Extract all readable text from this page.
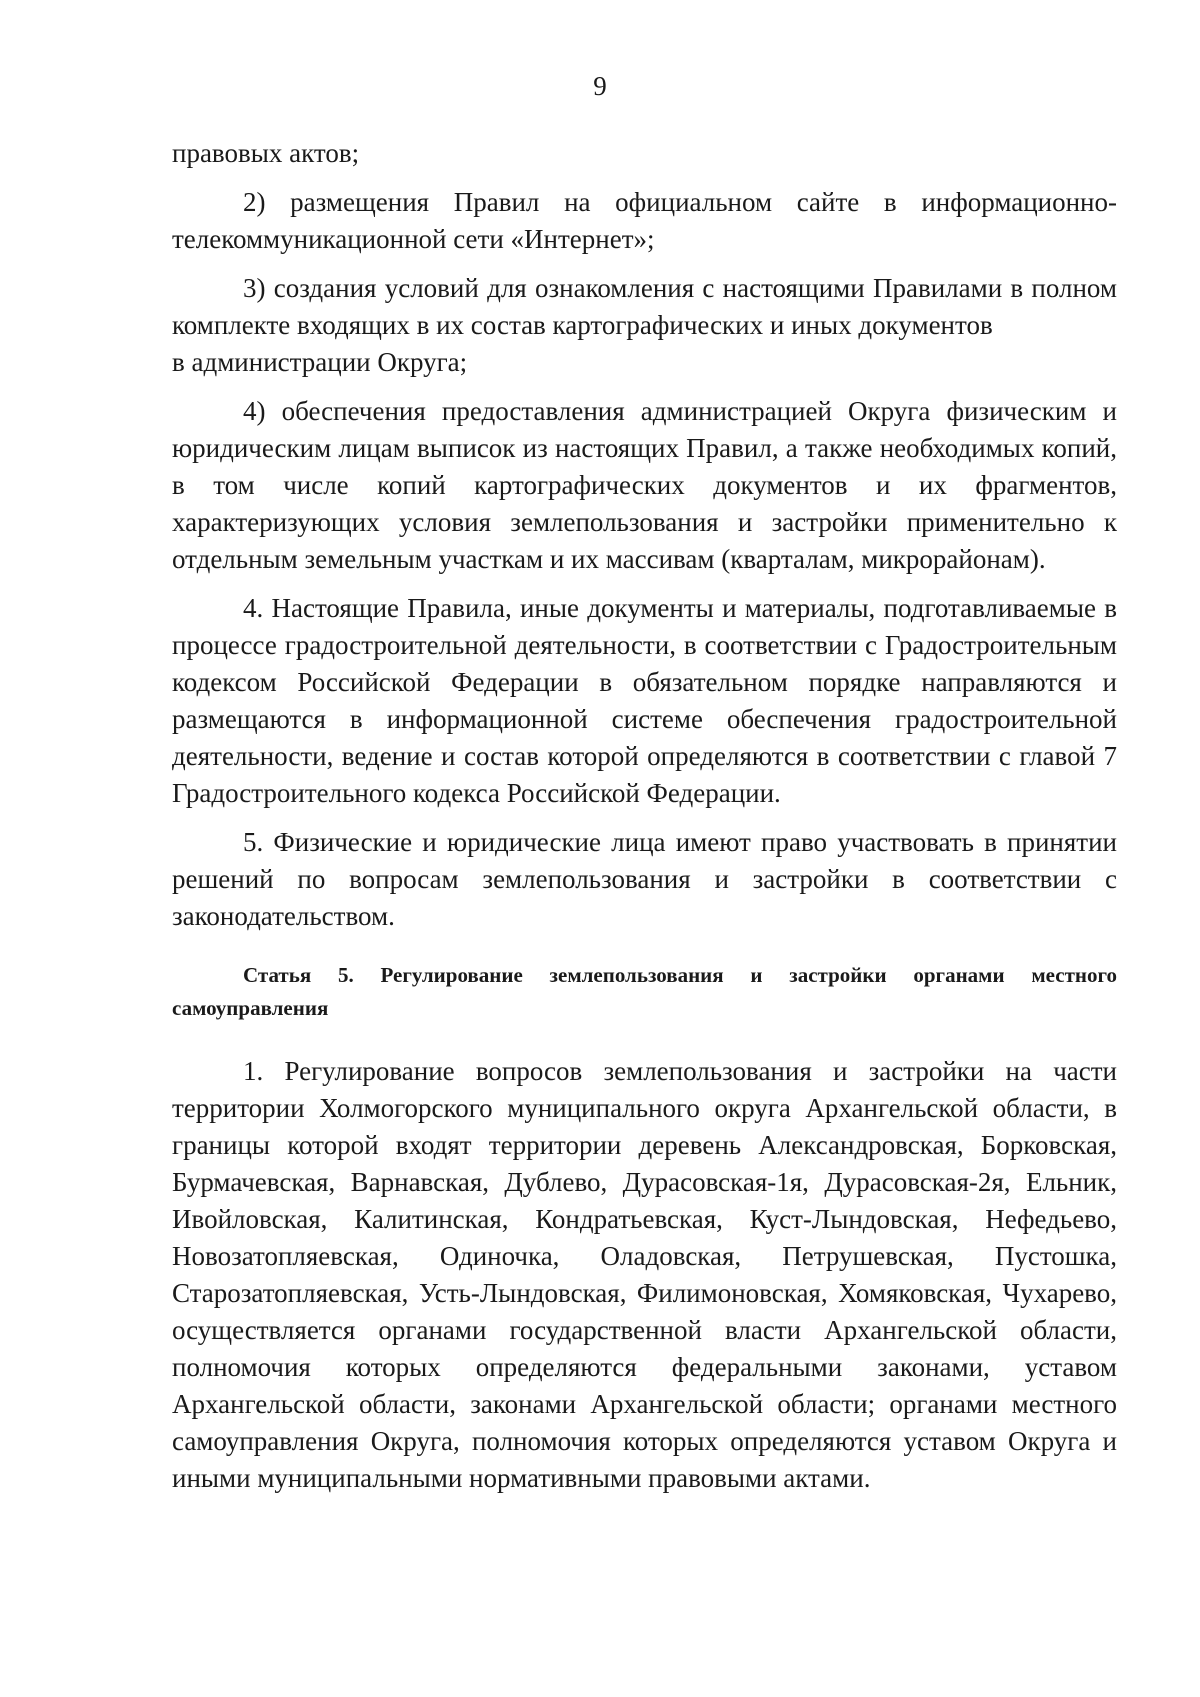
9

правовых актов;

2) размещения Правил на официальном сайте в информационно-телекоммуникационной сети «Интернет»;

3) создания условий для ознакомления с настоящими Правилами в полном комплекте входящих в их состав картографических и иных документов

в администрации Округа;

4) обеспечения предоставления администрацией Округа физическим и юридическим лицам выписок из настоящих Правил, а также необходимых копий, в том числе копий картографических документов и их фрагментов, характеризующих условия землепользования и застройки применительно к отдельным земельным участкам и их массивам (кварталам, микрорайонам).

4. Настоящие Правила, иные документы и материалы, подготавливаемые в процессе градостроительной деятельности, в соответствии с Градостроительным кодексом Российской Федерации в обязательном порядке направляются и размещаются в информационной системе обеспечения градостроительной деятельности, ведение и состав которой определяются в соответствии с главой 7 Градостроительного кодекса Российской Федерации.

5. Физические и юридические лица имеют право участвовать в принятии решений по вопросам землепользования и застройки в соответствии с законодательством.

Статья 5. Регулирование землепользования и застройки органами местного самоуправления

1. Регулирование вопросов землепользования и застройки на части территории Холмогорского муниципального округа Архангельской области, в границы которой входят территории деревень Александровская, Борковская, Бурмачевская, Варнавская, Дублево, Дурасовская-1я, Дурасовская-2я, Ельник, Ивойловская, Калитинская, Кондратьевская, Куст-Лындовская, Нефедьево, Новозатопляевская, Одиночка, Оладовская, Петрушевская, Пустошка, Старозатопляевская, Усть-Лындовская, Филимоновская, Хомяковская, Чухарево, осуществляется органами государственной власти Архангельской области, полномочия которых определяются федеральными законами, уставом Архангельской области, законами Архангельской области; органами местного самоуправления Округа, полномочия которых определяются уставом Округа и иными муниципальными нормативными правовыми актами.
